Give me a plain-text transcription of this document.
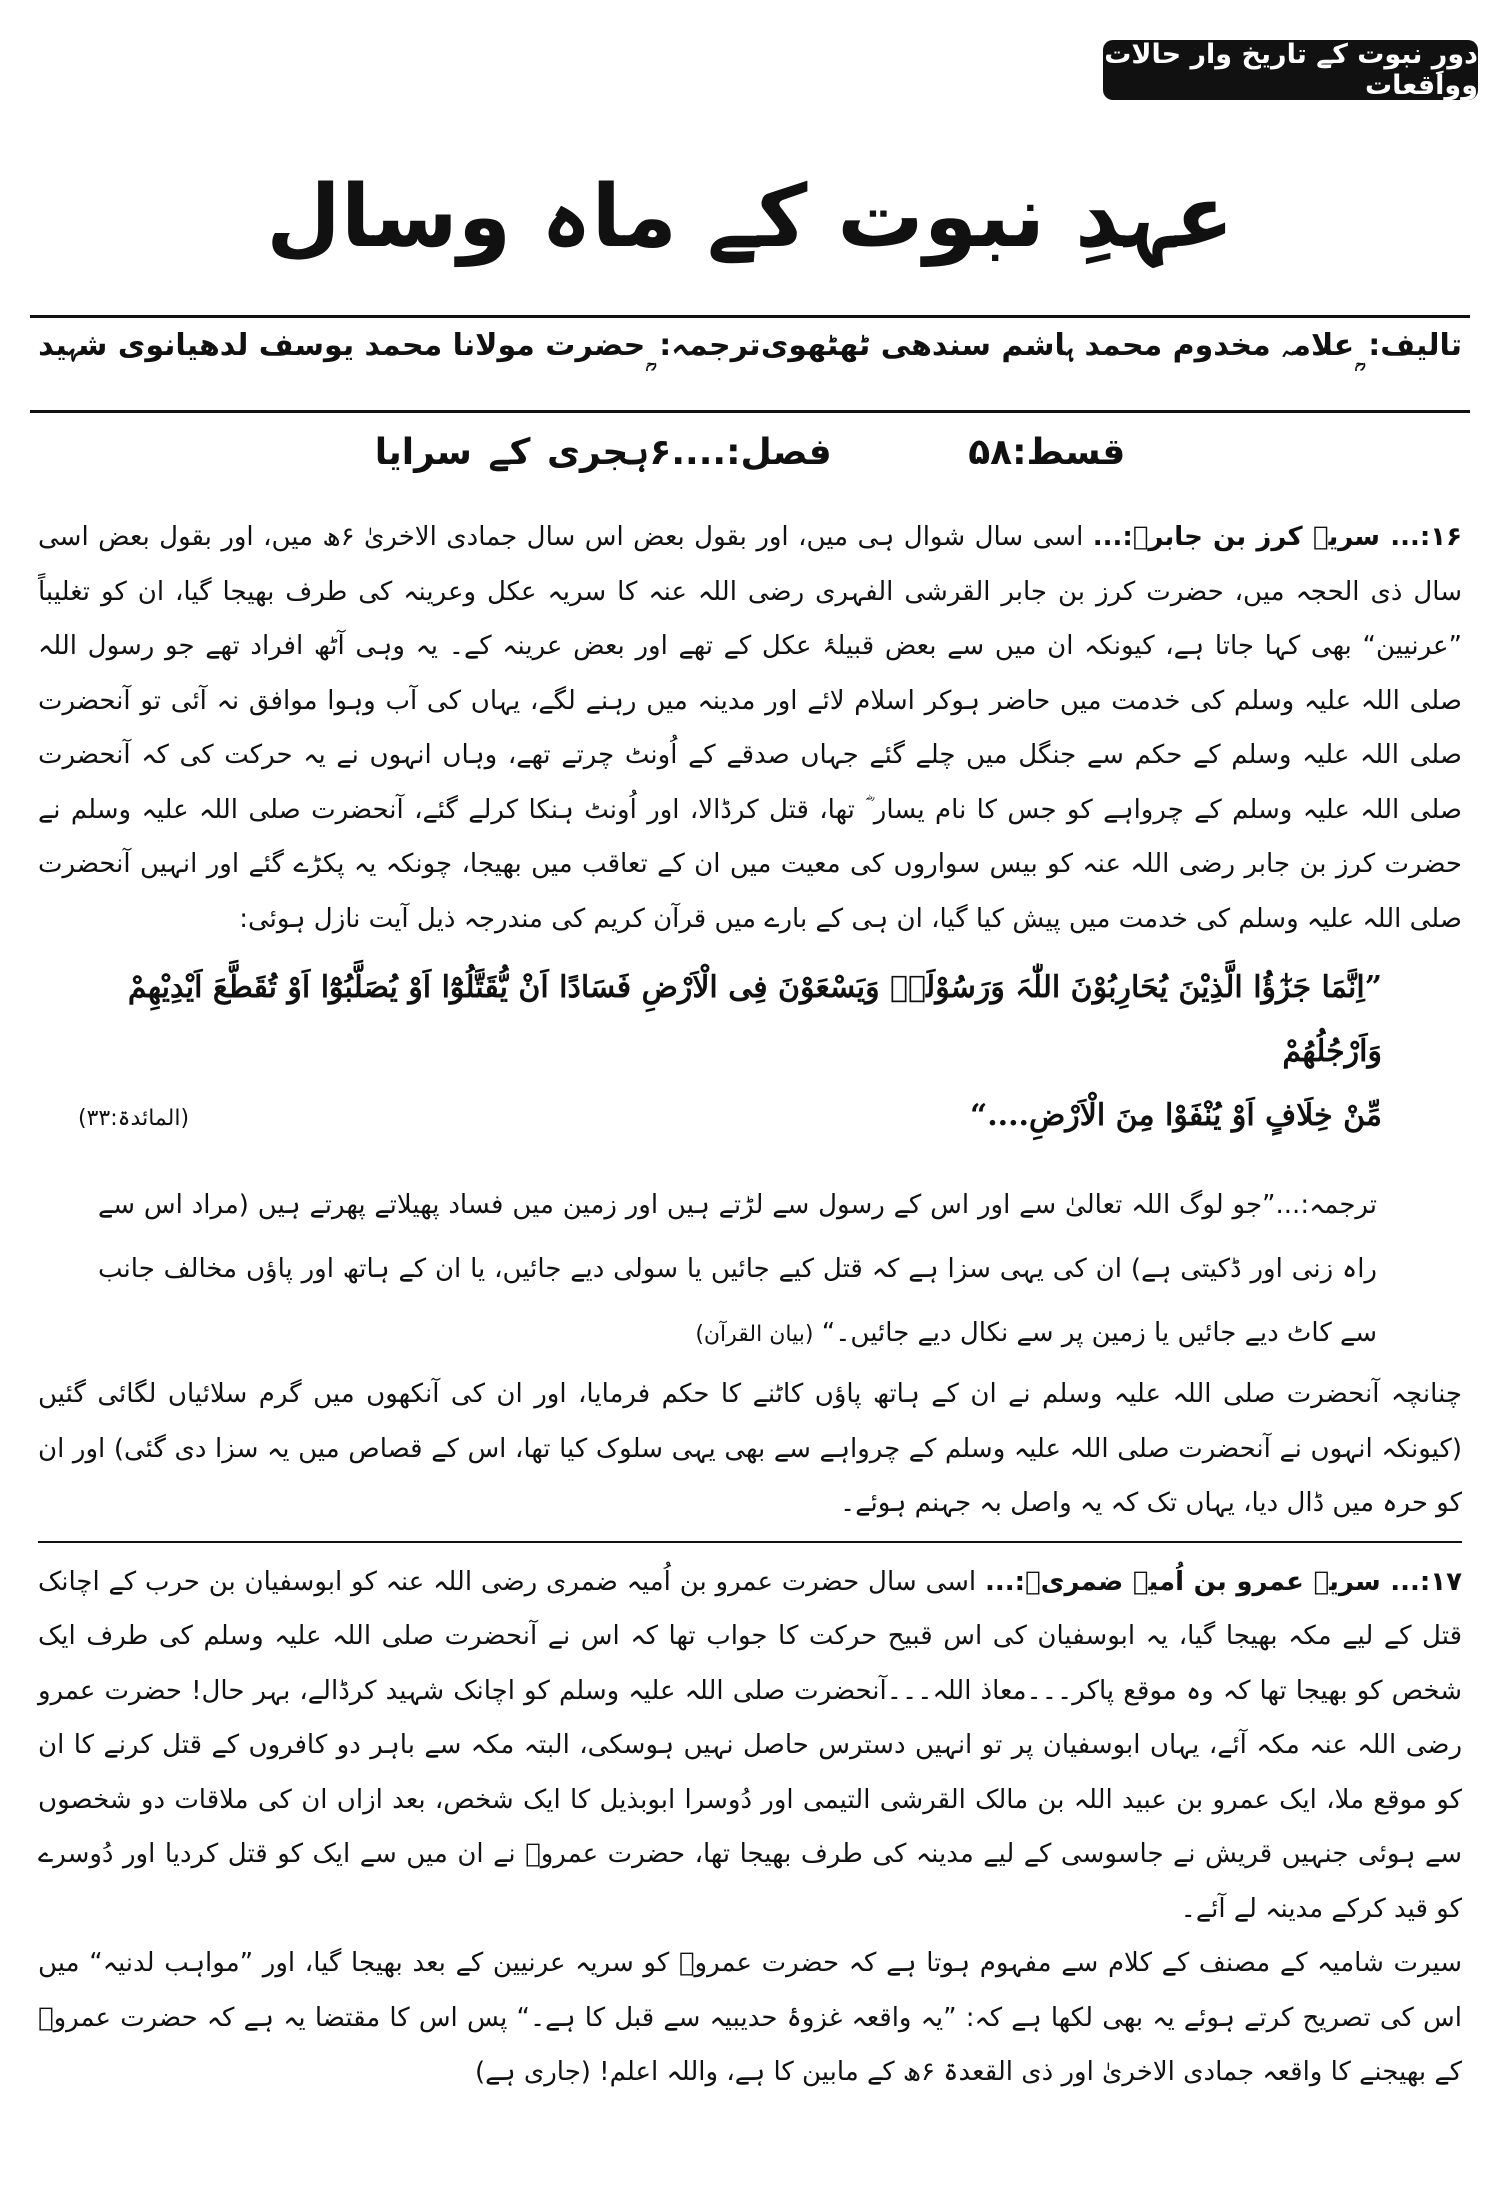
دورِ نبوت کے تاریخ وار حالات وواقعات
عہدِ نبوت کے ماہ وسال
تالیف:
علامہ مخدوم محمد ہاشم سندھی ٹھٹھوی
ترجمہ:
حضرت مولانا محمد یوسف لدھیانوی شہید
قسط:۵۸ فصل:....۶ہجری کے سرایا

۱۶:... سریہ کرز بن جابرؓ:... اسی سال شوال ہی میں، اور بقول بعض اس سال جمادی الاخریٰ ۶ھ میں، اور بقول بعض اسی سال ذی الحجہ میں، حضرت کرز بن جابر القرشی الفہری رضی اللہ عنہ کا سریہ عکل وعرینہ کی طرف بھیجا گیا، ان کو تغلیباً ”عرنیین“ بھی کہا جاتا ہے، کیونکہ ان میں سے بعض قبیلۂ عکل کے تھے اور بعض عرینہ کے۔ یہ وہی آٹھ افراد تھے جو رسول اللہ صلی اللہ علیہ وسلم کی خدمت میں حاضر ہوکر اسلام لائے اور مدینہ میں رہنے لگے، یہاں کی آب وہوا موافق نہ آئی تو آنحضرت صلی اللہ علیہ وسلم کے حکم سے جنگل میں چلے گئے جہاں صدقے کے اُونٹ چرتے تھے، وہاں انہوں نے یہ حرکت کی کہ آنحضرت صلی اللہ علیہ وسلم کے چرواہے کو جس کا نام یسار ؓ تھا، قتل کرڈالا، اور اُونٹ ہنکا کرلے گئے، آنحضرت صلی اللہ علیہ وسلم نے حضرت کرز بن جابر رضی اللہ عنہ کو بیس سواروں کی معیت میں ان کے تعاقب میں بھیجا، چونکہ یہ پکڑے گئے اور انہیں آنحضرت صلی اللہ علیہ وسلم کی خدمت میں پیش کیا گیا، ان ہی کے بارے میں قرآن کریم کی مندرجہ ذیل آیت نازل ہوئی:

”اِنَّمَا جَزٰٓؤُا الَّذِیْنَ یُحَارِبُوْنَ اللّٰہَ وَرَسُوْلَہٗ وَیَسْعَوْنَ فِی الْاَرْضِ فَسَادًا اَنْ یُّقَتَّلُوْٓا اَوْ یُصَلَّبُوْٓا اَوْ تُقَطَّعَ اَیْدِیْھِمْ وَاَرْجُلُھُمْ
مِّنْ خِلَافٍ اَوْ یُنْفَوْا مِنَ الْاَرْضِ....“
(المائدۃ:۳۳)
ترجمہ:...”جو لوگ اللہ تعالیٰ سے اور اس کے رسول سے لڑتے ہیں اور زمین میں فساد پھیلاتے پھرتے ہیں (مراد اس سے راہ زنی اور ڈکیتی ہے) ان کی یہی سزا ہے کہ قتل کیے جائیں یا سولی دیے جائیں، یا ان کے ہاتھ اور پاؤں مخالف جانب سے کاٹ دیے جائیں یا زمین پر سے نکال دیے جائیں۔“ (بیان القرآن)

چنانچہ آنحضرت صلی اللہ علیہ وسلم نے ان کے ہاتھ پاؤں کاٹنے کا حکم فرمایا، اور ان کی آنکھوں میں گرم سلائیاں لگائی گئیں (کیونکہ انہوں نے آنحضرت صلی اللہ علیہ وسلم کے چرواہے سے بھی یہی سلوک کیا تھا، اس کے قصاص میں یہ سزا دی گئی) اور ان کو حرہ میں ڈال دیا، یہاں تک کہ یہ واصل بہ جہنم ہوئے۔

۱۷:... سریہ عمرو بن اُمیہ ضمریؓ:... اسی سال حضرت عمرو بن اُمیہ ضمری رضی اللہ عنہ کو ابوسفیان بن حرب کے اچانک قتل کے لیے مکہ بھیجا گیا، یہ ابوسفیان کی اس قبیح حرکت کا جواب تھا کہ اس نے آنحضرت صلی اللہ علیہ وسلم کی طرف ایک شخص کو بھیجا تھا کہ وہ موقع پاکر۔۔۔معاذ اللہ۔۔۔آنحضرت صلی اللہ علیہ وسلم کو اچانک شہید کرڈالے، بہر حال! حضرت عمرو رضی اللہ عنہ مکہ آئے، یہاں ابوسفیان پر تو انہیں دسترس حاصل نہیں ہوسکی، البتہ مکہ سے باہر دو کافروں کے قتل کرنے کا ان کو موقع ملا، ایک عمرو بن عبید اللہ بن مالک القرشی التیمی اور دُوسرا ابوبذیل کا ایک شخص، بعد ازاں ان کی ملاقات دو شخصوں سے ہوئی جنہیں قریش نے جاسوسی کے لیے مدینہ کی طرف بھیجا تھا، حضرت عمروؓ نے ان میں سے ایک کو قتل کردیا اور دُوسرے کو قید کرکے مدینہ لے آئے۔

سیرت شامیہ کے مصنف کے کلام سے مفہوم ہوتا ہے کہ حضرت عمروؓ کو سریہ عرنیین کے بعد بھیجا گیا، اور ”مواہب لدنیہ“ میں اس کی تصریح کرتے ہوئے یہ بھی لکھا ہے کہ: ”یہ واقعہ غزوۂ حدیبیہ سے قبل کا ہے۔“ پس اس کا مقتضا یہ ہے کہ حضرت عمروؓ کے بھیجنے کا واقعہ جمادی الاخریٰ اور ذی القعدۃ ۶ھ کے مابین کا ہے، واللہ اعلم! (جاری ہے)
